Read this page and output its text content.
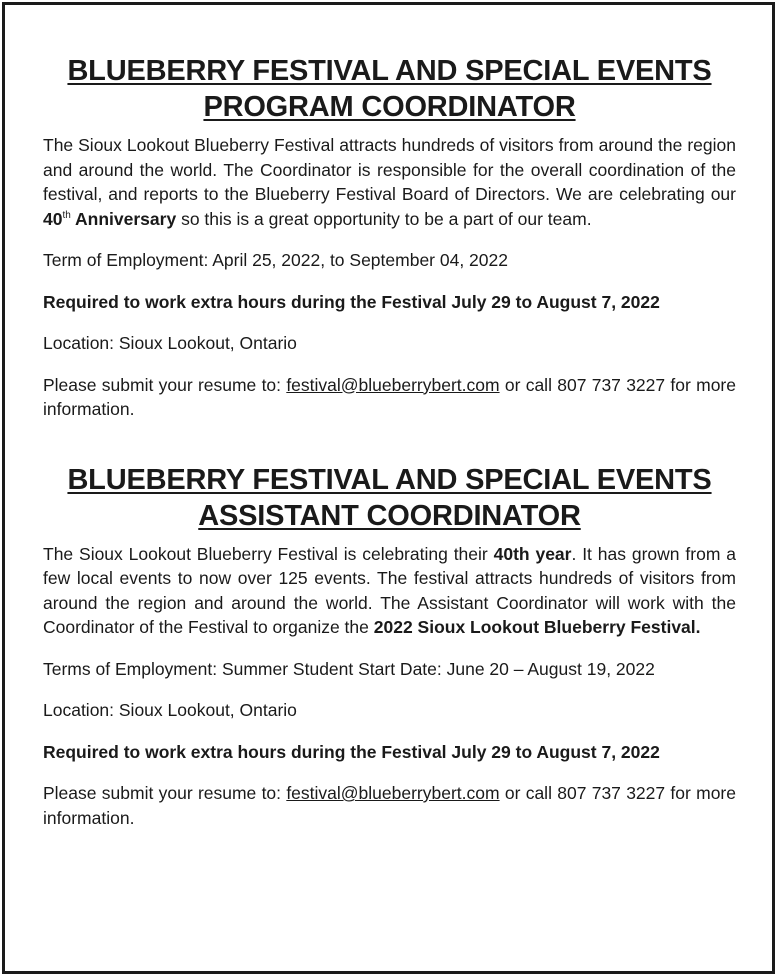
BLUEBERRY FESTIVAL AND SPECIAL EVENTS
PROGRAM COORDINATOR

The Sioux Lookout Blueberry Festival attracts hundreds of visitors from around the region and around the world. The Coordinator is responsible for the overall coordination of the festival, and reports to the Blueberry Festival Board of Directors. We are celebrating our 40th Anniversary so this is a great opportunity to be a part of our team.

Term of Employment: April 25, 2022, to September 04, 2022

Required to work extra hours during the Festival July 29 to August 7, 2022

Location: Sioux Lookout, Ontario

Please submit your resume to: festival@blueberrybert.com or call 807 737 3227 for more information.

BLUEBERRY FESTIVAL AND SPECIAL EVENTS
ASSISTANT COORDINATOR

The Sioux Lookout Blueberry Festival is celebrating their 40th year. It has grown from a few local events to now over 125 events. The festival attracts hundreds of visitors from around the region and around the world. The Assistant Coordinator will work with the Coordinator of the Festival to organize the 2022 Sioux Lookout Blueberry Festival.

Terms of Employment: Summer Student Start Date: June 20 – August 19, 2022

Location: Sioux Lookout, Ontario

Required to work extra hours during the Festival July 29 to August 7, 2022

Please submit your resume to: festival@blueberrybert.com or call 807 737 3227 for more information.
